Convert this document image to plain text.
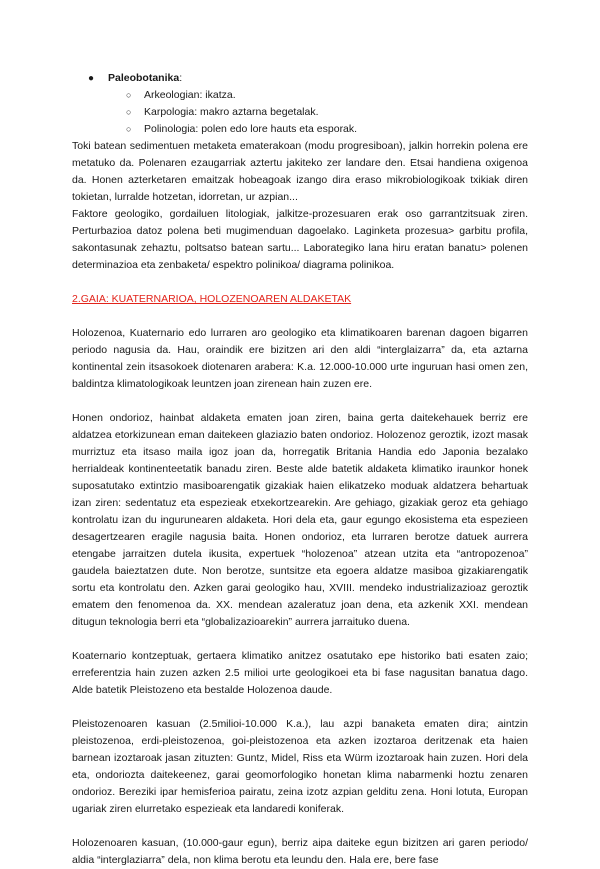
● Paleobotanika:
○ Arkeologian: ikatza.
○ Karpologia: makro aztarna begetalak.
○ Polinologia: polen edo lore hauts eta esporak.

Toki batean sedimentuen metaketa ematerakoan (modu progresiboan), jalkin horrekin polena ere metatuko da. Polenaren ezaugarriak aztertu jakiteko zer landare den. Etsai handiena oxigenoa da. Honen azterketaren emaitzak hobeagoak izango dira eraso mikrobiologikoak txikiak diren tokietan, lurralde hotzetan, idorretan, ur azpian...

Faktore geologiko, gordailuen litologiak, jalkitze-prozesuaren erak oso garrantzitsuak ziren. Perturbazioa datoz polena beti mugimenduan dagoelako. Laginketa prozesua> garbitu profila, sakontasunak zehaztu, poltsatso batean sartu... Laborategiko lana hiru eratan banatu> polenen determinazioa eta zenbaketa/ espektro polinikoa/ diagrama polinikoa.

2.GAIA: KUATERNARIOA, HOLOZENOAREN ALDAKETAK

Holozenoa, Kuaternario edo lurraren aro geologiko eta klimatikoaren barenan dagoen bigarren periodo nagusia da. Hau, oraindik ere bizitzen ari den aldi “interglaizarra” da, eta aztarna kontinental zein itsasokoek diotenaren arabera: K.a. 12.000-10.000 urte inguruan hasi omen zen, baldintza klimatologikoak leuntzen joan zirenean hain zuzen ere.

Honen ondorioz, hainbat aldaketa ematen joan ziren, baina gerta daitekehauek berriz ere aldatzea etorkizunean eman daitekeen glaziazio baten ondorioz. Holozenoz geroztik, izozt masak murriztuz eta itsaso maila igoz joan da, horregatik Britania Handia edo Japonia bezalako herrialdeak kontinenteetatik banadu ziren. Beste alde batetik aldaketa klimatiko iraunkor honek suposatutako extintzio masiboarengatik gizakiak haien elikatzeko moduak aldatzera behartuak izan ziren: sedentatuz eta espezieak etxekortzearekin. Are gehiago, gizakiak geroz eta gehiago kontrolatu izan du ingurunearen aldaketa. Hori dela eta, gaur egungo ekosistema eta espezieen desagertzearen eragile nagusia baita. Honen ondorioz, eta lurraren berotze datuek aurrera etengabe jarraitzen dutela ikusita, expertuek “holozenoa” atzean utzita eta “antropozenoa” gaudela baieztatzen dute. Non berotze, suntsitze eta egoera aldatze masiboa gizakiarengatik sortu eta kontrolatu den. Azken garai geologiko hau, XVIII. mendeko industrializazioaz geroztik ematem den fenomenoa da. XX. mendean azaleratuz joan dena, eta azkenik XXI. mendean ditugun teknologia berri eta “globalizazioarekin” aurrera jarraituko duena.

Koaternario kontzeptuak, gertaera klimatiko anitzez osatutako epe historiko bati esaten zaio; erreferentzia hain zuzen azken 2.5 milioi urte geologikoei eta bi fase nagusitan banatua dago. Alde batetik Pleistozeno eta bestalde Holozenoa daude.

Pleistozenoaren kasuan (2.5milioi-10.000 K.a.), lau azpi banaketa ematen dira; aintzin pleistozenoa, erdi-pleistozenoa, goi-pleistozenoa eta azken izoztaroa deritzenak eta haien barnean izoztaroak jasan zituzten: Guntz, Midel, Riss eta Würm izoztaroak hain zuzen. Hori dela eta, ondoriozta daitekeenez, garai geomorfologiko honetan klima nabarmenki hoztu zenaren ondorioz. Bereziki ipar hemisferioa pairatu, zeina izotz azpian gelditu zena. Honi lotuta, Europan ugariak ziren elurretako espezieak eta landaredi koniferak.

Holozenoaren kasuan, (10.000-gaur egun), berriz aipa daiteke egun bizitzen ari garen periodo/ aldia “interglaziarra” dela, non klima berotu eta leundu den. Hala ere, bere fase
